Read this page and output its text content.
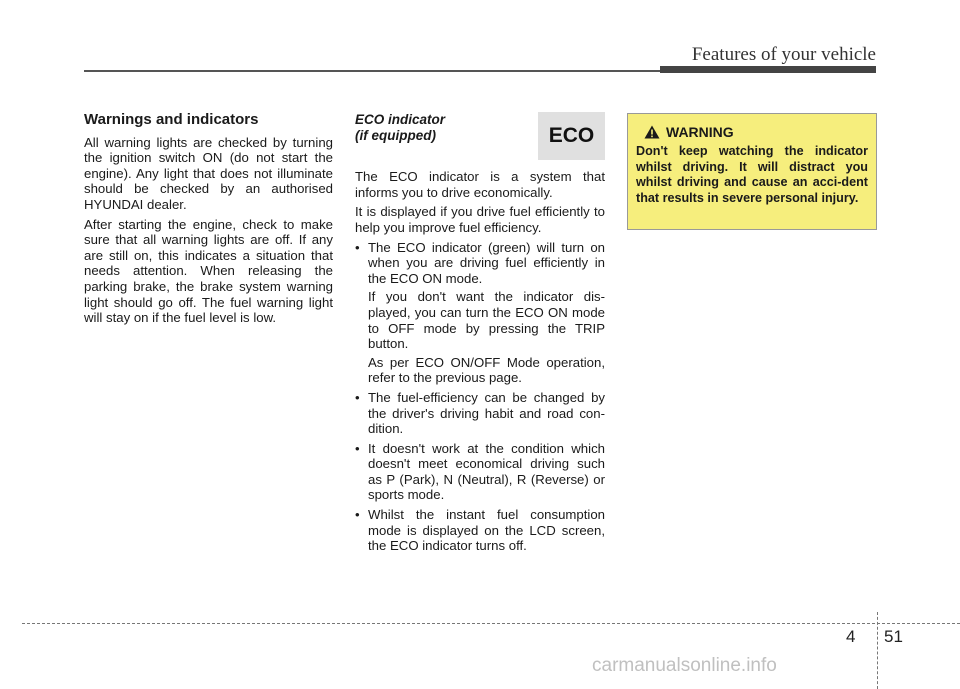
Features of your vehicle
Warnings and indicators

All warning lights are checked by turning the ignition switch ON (do not start the engine). Any light that does not illuminate should be checked by an authorised HYUNDAI dealer.

After starting the engine, check to make sure that all warning lights are off. If any are still on, this indicates a situation that needs attention. When releasing the parking brake, the brake system warning light should go off. The fuel warning light will stay on if the fuel level is low.

ECO indicator
(if equipped)

The ECO indicator is a system that informs you to drive economically.

It is displayed if you drive fuel efficiently to help you improve fuel efficiency.

• The ECO indicator (green) will turn on when you are driving fuel efficiently in the ECO ON mode.

If you don't want the indicator dis-played, you can turn the ECO ON mode to OFF mode by pressing the TRIP button.

As per ECO ON/OFF Mode operation, refer to the previous page.

• The fuel-efficiency can be changed by the driver's driving habit and road con-dition.

• It doesn't work at the condition which doesn't meet economical driving such as P (Park), N (Neutral), R (Reverse) or sports mode.

• Whilst the instant fuel consumption mode is displayed on the LCD screen, the ECO indicator turns off.

ECO	WARNING

Don't keep watching the indicator whilst driving. It will distract you whilst driving and cause an acci-dent that results in severe personal injury.

4 51
carmanualsonline.info
